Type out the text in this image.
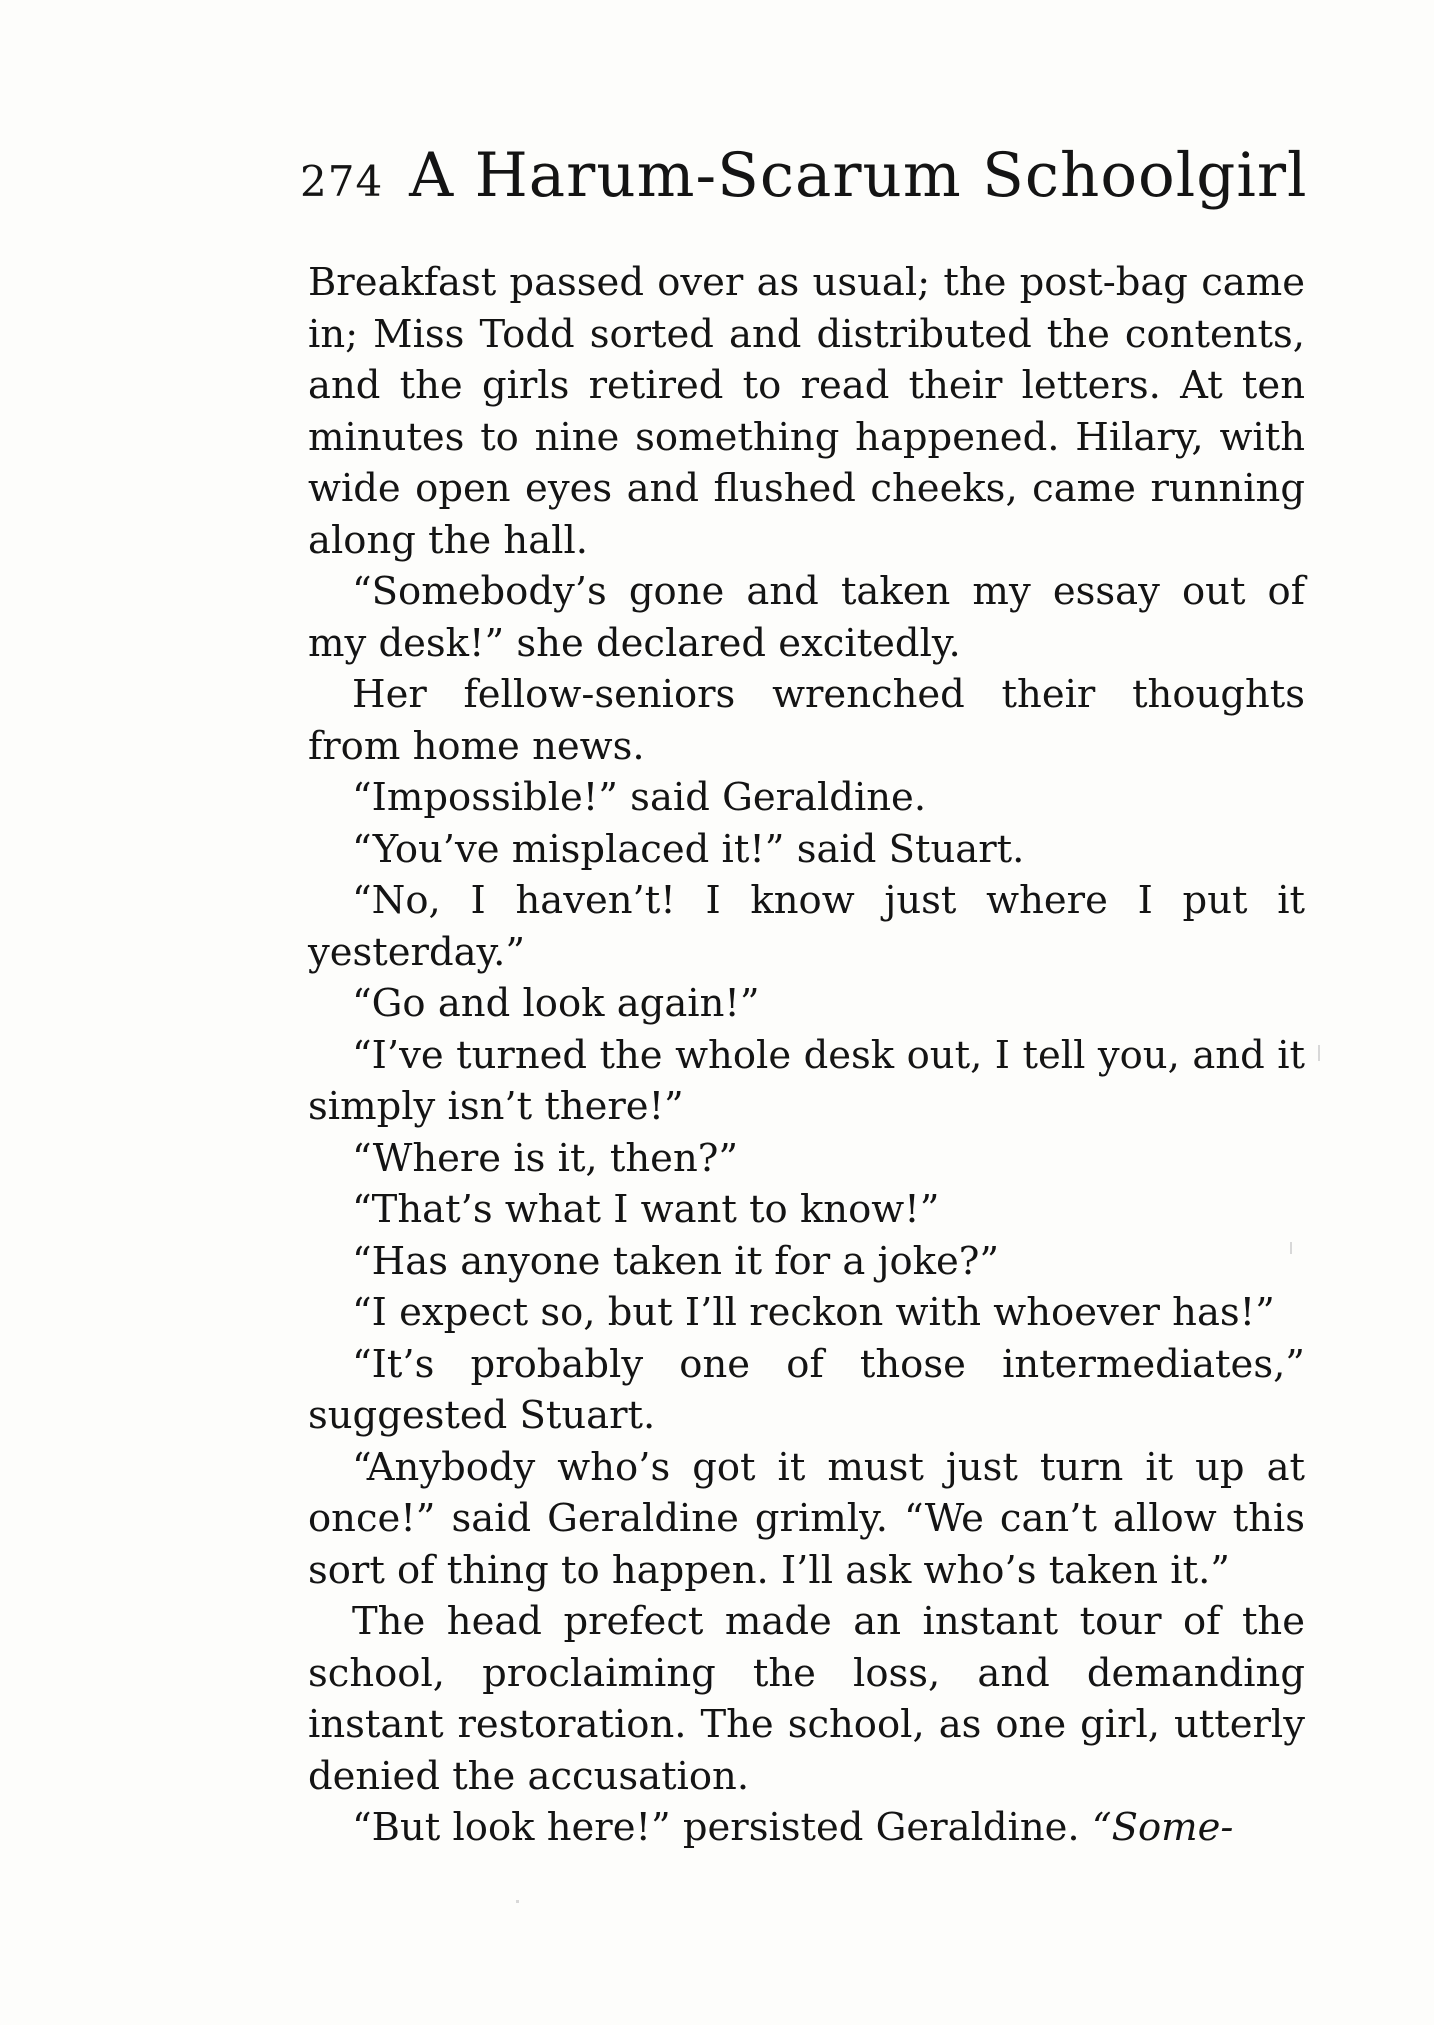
274 A Harum-Scarum Schoolgirl

Breakfast passed over as usual; the post-bag came in; Miss Todd sorted and distributed the contents, and the girls retired to read their letters. At ten minutes to nine something happened. Hilary, with wide open eyes and flushed cheeks, came running along the hall.

“Somebody’s gone and taken my essay out of my desk!” she declared excitedly.

Her fellow-seniors wrenched their thoughts from home news.

“Impossible!” said Geraldine.

“You’ve misplaced it!” said Stuart.

“No, I haven’t! I know just where I put it yesterday.”

“Go and look again!”

“I’ve turned the whole desk out, I tell you, and it simply isn’t there!”

“Where is it, then?”

“That’s what I want to know!”

“Has anyone taken it for a joke?”

“I expect so, but I’ll reckon with whoever has!”

“It’s probably one of those intermediates,” suggested Stuart.

“Anybody who’s got it must just turn it up at once!” said Geraldine grimly. “We can’t allow this sort of thing to happen. I’ll ask who’s taken it.”

The head prefect made an instant tour of the school, proclaiming the loss, and demanding instant restoration. The school, as one girl, utterly denied the accusation.

“But look here!” persisted Geraldine. “Some-
